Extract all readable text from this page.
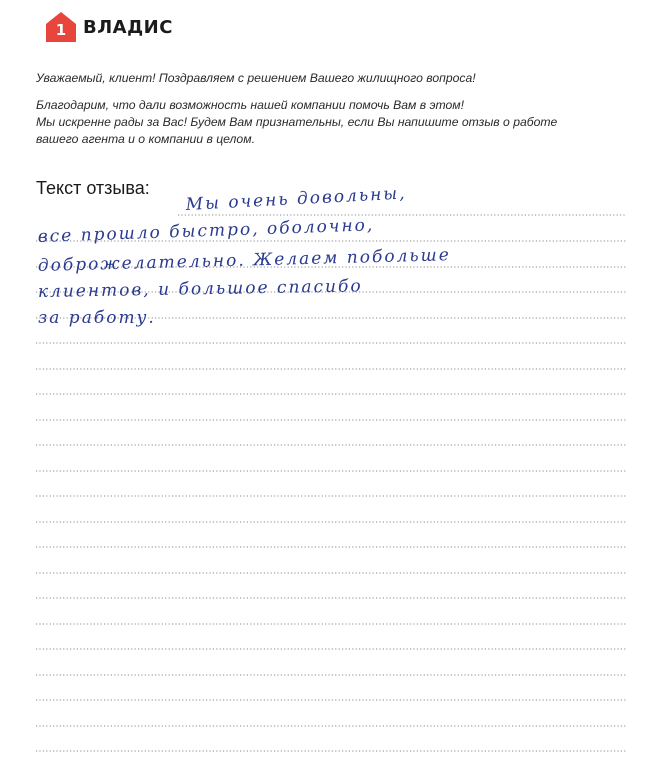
1 ВЛАДИС

Уважаемый, клиент! Поздравляем с решением Вашего жилищного вопроса!

Благодарим, что дали возможность нашей компании помочь Вам в этом!

Мы искренне рады за Вас! Будем Вам признательны, если Вы напишите отзыв о работе

вашего агента и о компании в целом.

Текст отзыва: Мы очень довольны,
все прошло быстро, оболочно,
доброжелательно. Желаем побольше
клиентов, и большое спасибо
за работу.
